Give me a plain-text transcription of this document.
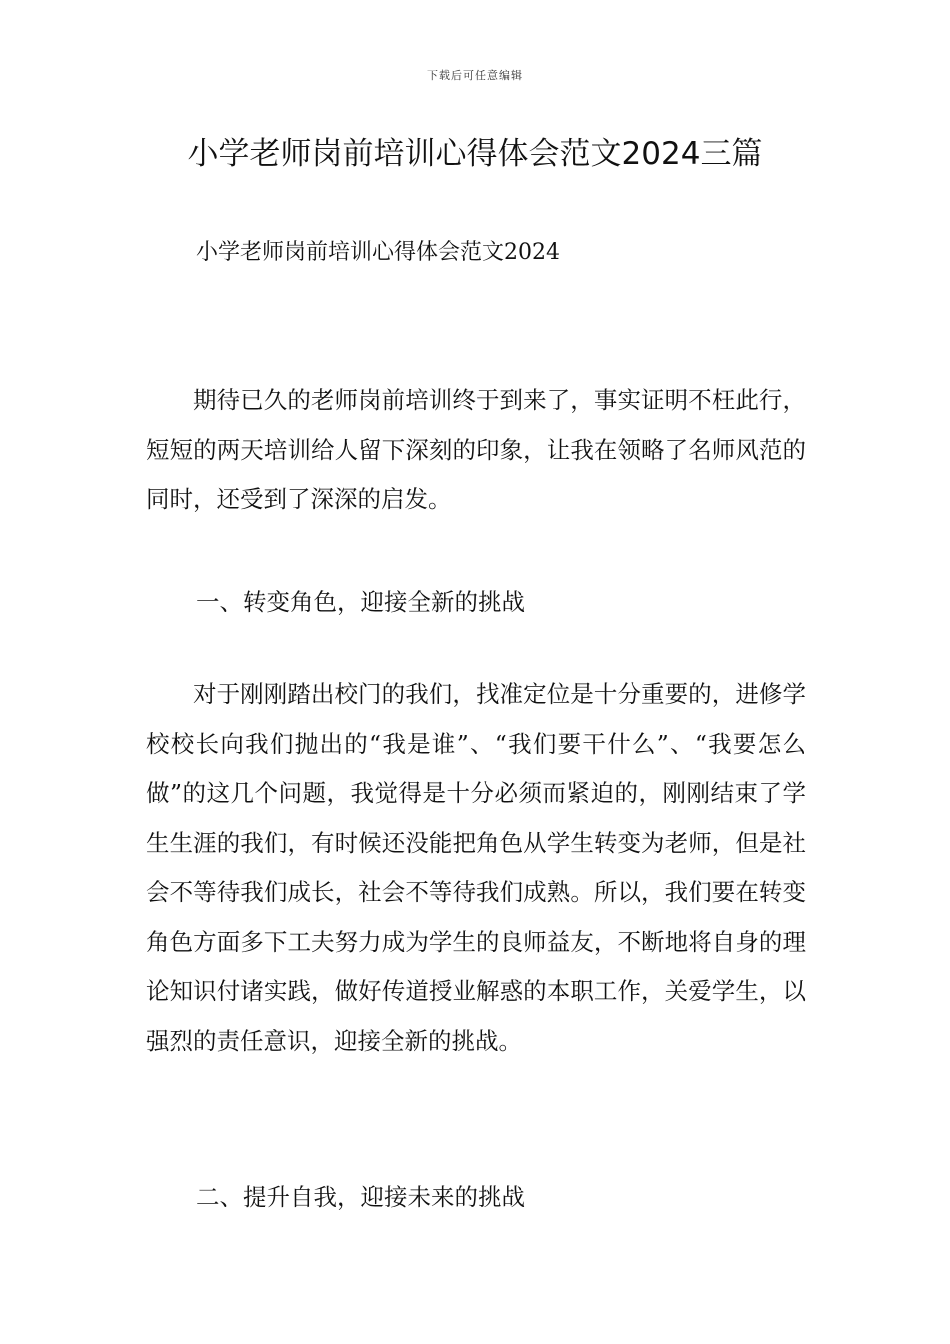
下载后可任意编辑
小学老师岗前培训心得体会范文2024三篇
小学老师岗前培训心得体会范文2024

期待已久的老师岗前培训终于到来了，事实证明不枉此行，短短的两天培训给人留下深刻的印象，让我在领略了名师风范的同时，还受到了深深的启发。

一、转变角色，迎接全新的挑战

对于刚刚踏出校门的我们，找准定位是十分重要的，进修学校校长向我们抛出的“我是谁”、“我们要干什么”、“我要怎么做”的这几个问题，我觉得是十分必须而紧迫的，刚刚结束了学生生涯的我们，有时候还没能把角色从学生转变为老师，但是社会不等待我们成长，社会不等待我们成熟。所以，我们要在转变角色方面多下工夫努力成为学生的良师益友，不断地将自身的理论知识付诸实践，做好传道授业解惑的本职工作，关爱学生，以强烈的责任意识，迎接全新的挑战。

二、提升自我，迎接未来的挑战
